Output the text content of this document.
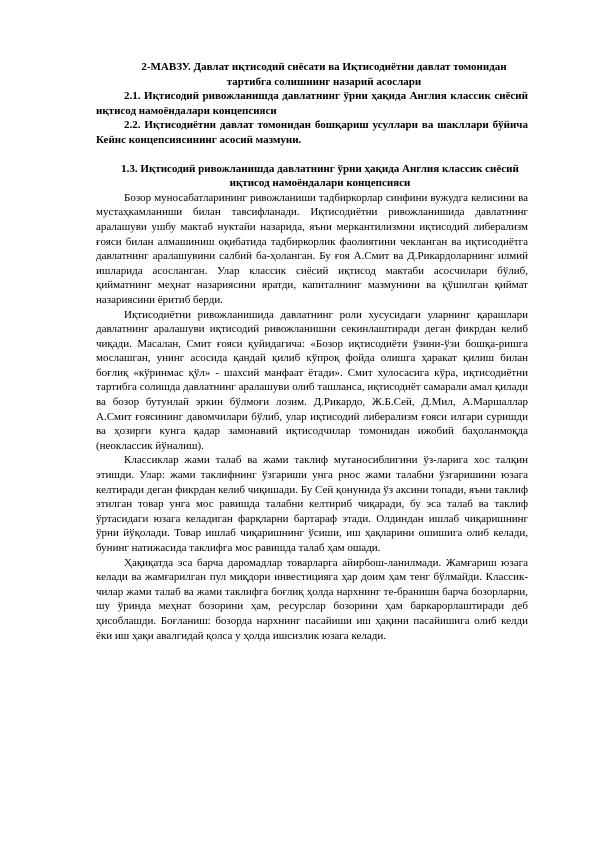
2-МАВЗУ. Давлат иқтисодий сиёсати ва Иқтисодиётни давлат томонидан тартибга солишнинг назарий асослари

2.1. Иқтисодий ривожланишда давлатнинг ўрни ҳақида Англия классик сиёсий иқтисод намоёндалари концепсияси

2.2. Иқтисодиётни давлат томонидан бошқариш усуллари ва шакллари бўйича Кейнс концепсиясининг асосий мазмуни.

1.3. Иқтисодий ривожланишда давлатнинг ўрни ҳақида Англия классик сиёсий иқтисод намоёндалари концепсияси

Бозор муносабатларининг ривожланиши тадбиркорлар синфини вужудга келисини ва мустаҳкамланиши билан тавсифланади. Иқтисодиётни ривожланишида давлатнинг аралашуви ушбу мактаб нуктайи назарида, яъни меркантилизмни иқтисодий либерализм ғояси билан алмашиниш оқибатида тадбиркорлик фаолиятини чекланган ва иқтисодиётга давлатнинг аралашувини салбий ба-ҳоланган. Бу ғоя А.Смит ва Д.Рикардоларнинг илмий ишларида асосланган. Улар классик сиёсий иқтисод мактаби асосчилари бўлиб, қийматнинг меҳнат назариясини яратди, капиталнинг мазмунини ва қўшилган қиймат назариясини ёритиб берди.

Иқтисодиётни ривожланишида давлатнинг роли хусусидаги уларнинг қарашлари давлатнинг аралашуви иқтисодий ривожланишни секинлаштиради деган фикрдан келиб чиқади. Масалан, Смит ғояси қуйидагича: «Бозор иқтисодиёти ўзини-ўзи бошқа-ришга мослашган, унинг асосида қандай қилиб кўпроқ фойда олишга ҳаракат қилиш билан боғлиқ «кўринмас қўл» - шахсий манфаат ётади». Смит хулосасига кўра, иқтисодиётни тартибга солишда давлатнинг аралашуви олиб ташланса, иқтисодиёт самарали амал қилади ва бозор бутунлай эркин бўлмоғи лозим. Д.Рикардо, Ж.Б.Сей, Д.Мил, А.Маршаллар А.Смит ғоясининг давомчилари бўлиб, улар иқтисодий либерализм ғояси илгари суришди ва ҳозирги кунга қадар замонавий иқтисодчилар томонидан ижобий баҳоланмоқда (неоклассик йўналиш).

Классиклар жами талаб ва жами таклиф мутаносиблигини ўз-ларига хос талқин этишди. Улар: жами таклифнинг ўзгариши унга рнос жами талабни ўзгаришини юзага келтиради деган фикрдан келиб чиқишади. Бу Сей қонунида ўз аксини топади, яъни таклиф этилган товар унга мос равишда талабни келтириб чиқаради, бу эса талаб ва таклиф ўртасидаги юзага келадиган фарқларни бартараф этади. Олдиндан ишлаб чиқаришнинг ўрни йўқолади. Товар ишлаб чиқаришнинг ўсиши, иш ҳақларини ошишига олиб келади, бунинг натижасида таклифга мос равишда талаб ҳам ошади.

Ҳақиқатда эса барча даромадлар товарларга айирбош-ланилмади. Жамғариш юзага келади ва жамғарилган пул миқдори инвестицияга ҳар доим ҳам тенг бўлмайди. Классик-чилар жами талаб ва жами таклифга боғлиқ ҳолда нархнинг те-бранишн барча бозорларни, шу ўринда меҳнат бозорини ҳам, ресурслар бозорини ҳам баркарорлаштиради деб ҳисоблашди. Боғланиш: бозорда нархнинг пасайиши иш ҳақини пасайишига олиб келди ёки иш ҳақи авалгидай қолса у ҳолда ишсизлик юзага келади.
